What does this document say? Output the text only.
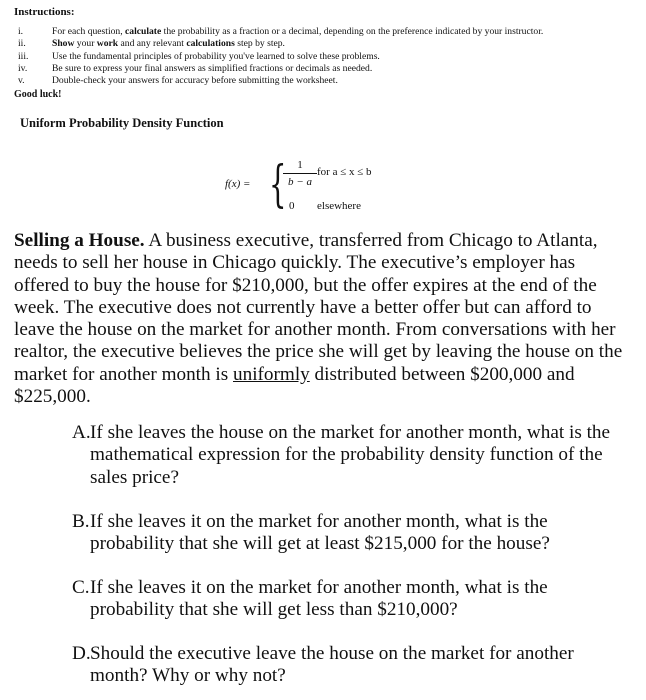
Instructions:
i.	For each question, calculate the probability as a fraction or a decimal, depending on the preference indicated by your instructor.
ii.	Show your work and any relevant calculations step by step.
iii.	Use the fundamental principles of probability you've learned to solve these problems.
iv.	Be sure to express your final answers as simplified fractions or decimals as needed.
v.	Double-check your answers for accuracy before submitting the worksheet.
Good luck!
Uniform Probability Density Function
f(x) = { 1
b − a
for a ≤ x ≤ b
0 elsewhere

Selling a House. A business executive, transferred from Chicago to Atlanta, needs to sell her house in Chicago quickly. The executive’s employer has offered to buy the house for $210,000, but the offer expires at the end of the week. The executive does not currently have a better offer but can afford to leave the house on the market for another month. From conversations with her realtor, the executive believes the price she will get by leaving the house on the market for another month is uniformly distributed between $200,000 and $225,000.

A. If she leaves the house on the market for another month, what is the mathematical expression for the probability density function of the sales price?
B. If she leaves it on the market for another month, what is the probability that she will get at least $215,000 for the house?
C. If she leaves it on the market for another month, what is the probability that she will get less than $210,000?
D. Should the executive leave the house on the market for another month? Why or why not?
